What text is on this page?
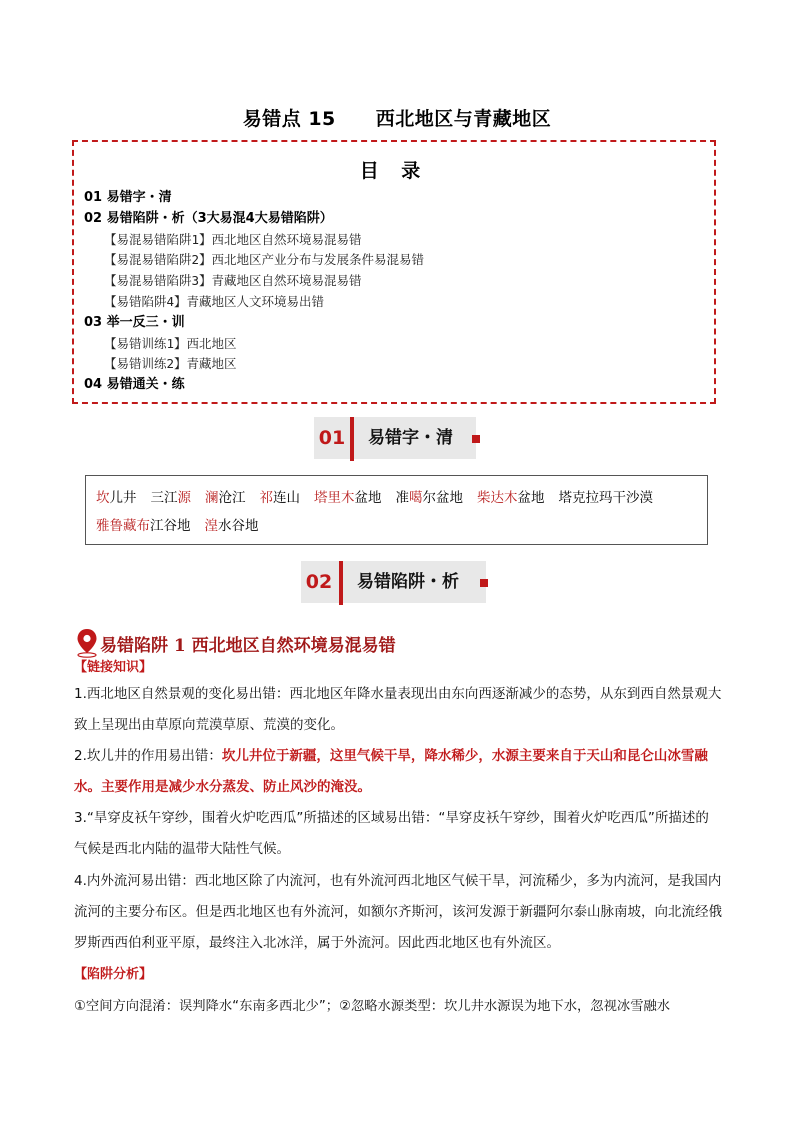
易错点 15 西北地区与青藏地区
目 录
01 易错字・清
02 易错陷阱・析（3大易混4大易错陷阱）
【易混易错陷阱1】西北地区自然环境易混易错
【易混易错陷阱2】西北地区产业分布与发展条件易混易错
【易混易错陷阱3】青藏地区自然环境易混易错
【易错陷阱4】青藏地区人文环境易出错
03 举一反三・训
【易错训练1】西北地区
【易错训练2】青藏地区
04 易错通关・练
01 易错字・清
坎儿井 三江源 澜沧江 祁连山 塔里木盆地 准噶尔盆地 柴达木盆地 塔克拉玛干沙漠
雅鲁藏布江谷地 湟水谷地
02 易错陷阱・析
易错陷阱 1 西北地区自然环境易混易错
【链接知识】
1.西北地区自然景观的变化易出错：西北地区年降水量表现出由东向西逐渐减少的态势，从东到西自然景观大致上呈现出由草原向荒漠草原、荒漠的变化。
2.坎儿井的作用易出错：坎儿井位于新疆，这里气候干旱，降水稀少，水源主要来自于天山和昆仑山冰雪融水。主要作用是减少水分蒸发、防止风沙的淹没。
3.“旱穿皮袄午穿纱，围着火炉吃西瓜”所描述的区域易出错：“旱穿皮袄午穿纱，围着火炉吃西瓜”所描述的气候是西北内陆的温带大陆性气候。
4.内外流河易出错：西北地区除了内流河，也有外流河西北地区气候干旱，河流稀少，多为内流河，是我国内流河的主要分布区。但是西北地区也有外流河，如额尔齐斯河，该河发源于新疆阿尔泰山脉南坡，向北流经俄罗斯西西伯利亚平原，最终注入北冰洋，属于外流河。因此西北地区也有外流区。
【陷阱分析】
①空间方向混淆：误判降水“东南多西北少”；②忽略水源类型：坎儿井水源误为地下水，忽视冰雪融水
